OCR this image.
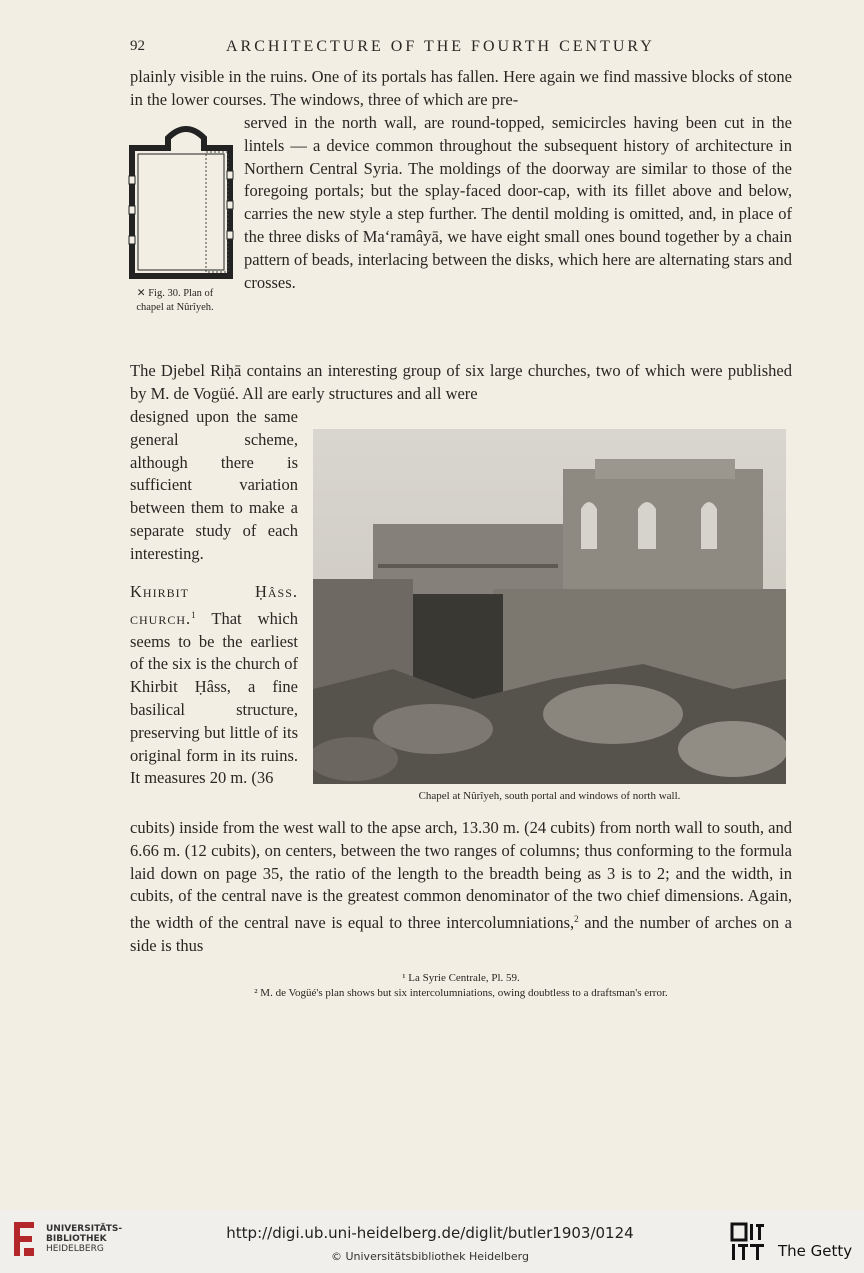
92	ARCHITECTURE OF THE FOURTH CENTURY

plainly visible in the ruins. One of its portals has fallen. Here again we find massive blocks of stone in the lower courses. The windows, three of which are pre-

✕ Fig. 30. Plan of
chapel at Nûrîyeh.

served in the north wall, are round-topped, semicircles having been cut in the lintels — a device common throughout the subsequent history of architecture in Northern Central Syria. The moldings of the doorway are similar to those of the foregoing portals; but the splay-faced door-cap, with its fillet above and below, carries the new style a step further. The dentil molding is omitted, and, in place of the three disks of Ma‘ramâyā, we have eight small ones bound together by a chain pattern of beads, interlacing between the disks, which here are alternating stars and crosses.

The Djebel Riḥā contains an interesting group of six large churches, two of which were published by M. de Vogüé. All are early structures and all were

designed upon the same general scheme, although there is sufficient variation between them to make a separate study of each interesting.

Chapel at Nûrîyeh, south portal and windows of north wall.

Khirbit Ḥâss. church.$^1$ That which seems to be the earliest of the six is the church of Khirbit Ḥâss, a fine basilical structure, preserving but little of its original form in its ruins. It measures 20 m. (36

cubits) inside from the west wall to the apse arch, 13.30 m. (24 cubits) from north wall to south, and 6.66 m. (12 cubits), on centers, between the two ranges of columns; thus conforming to the formula laid down on page 35, the ratio of the length to the breadth being as 3 is to 2; and the width, in cubits, of the central nave is the greatest common denominator of the two chief dimensions. Again, the width of the central nave is equal to three intercolumniations,$^2$ and the number of arches on a side is thus

¹ La Syrie Centrale, Pl. 59.
² M. de Vogüé's plan shows but six intercolumniations, owing doubtless to a draftsman's error.
UNIVERSITÄTS-
BIBLIOTHEK
HEIDELBERG
http://digi.ub.uni-heidelberg.de/diglit/butler1903/0124
© Universitätsbibliothek Heidelberg	The Getty
